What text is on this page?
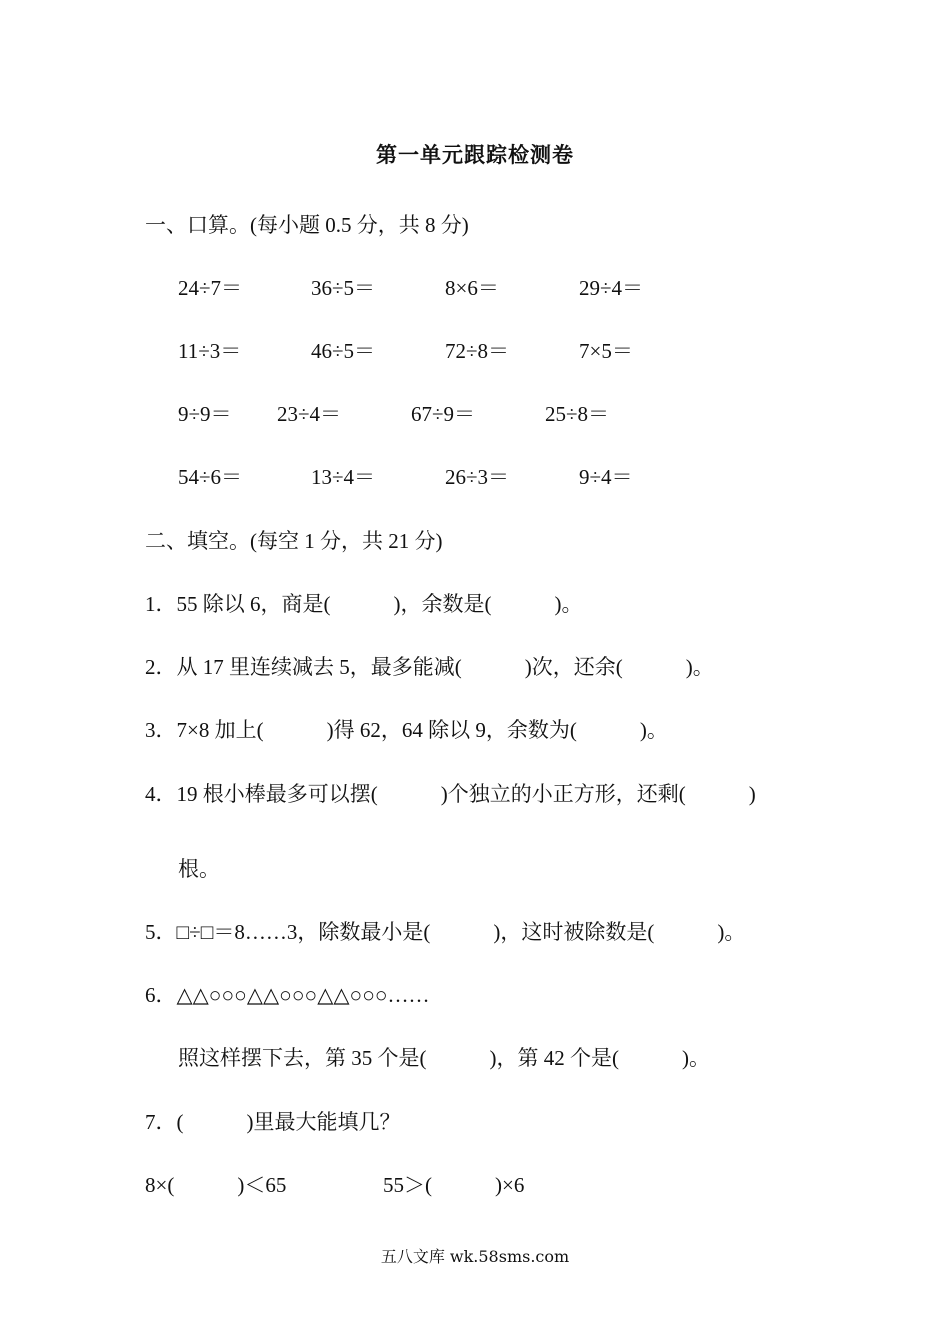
第一单元跟踪检测卷
一、口算。(每小题 0.5 分，共 8 分)
24÷7＝	36÷5＝	8×6＝	29÷4＝
11÷3＝	46÷5＝	72÷8＝	7×5＝
9÷9＝ 23÷4＝	67÷9＝	25÷8＝
54÷6＝	13÷4＝	26÷3＝	9÷4＝
二、填空。(每空 1 分，共 21 分)
1．55 除以 6，商是(　　　)，余数是(　　　)。
2．从 17 里连续减去 5，最多能减(　　　)次，还余(　　　)。
3．7×8 加上(　　　)得 62，64 除以 9，余数为(　　　)。
4．19 根小棒最多可以摆(　　　)个独立的小正方形，还剩(　　　)
根。
5．□÷□＝8……3，除数最小是(　　　)，这时被除数是(　　　)。
6．△△○○○△△○○○△△○○○……
照这样摆下去，第 35 个是(　　　)，第 42 个是(　　　)。
7．(　　　)里最大能填几？
8×(　　　)＜65	55＞(　　　)×6
五八文库 wk.58sms.com
